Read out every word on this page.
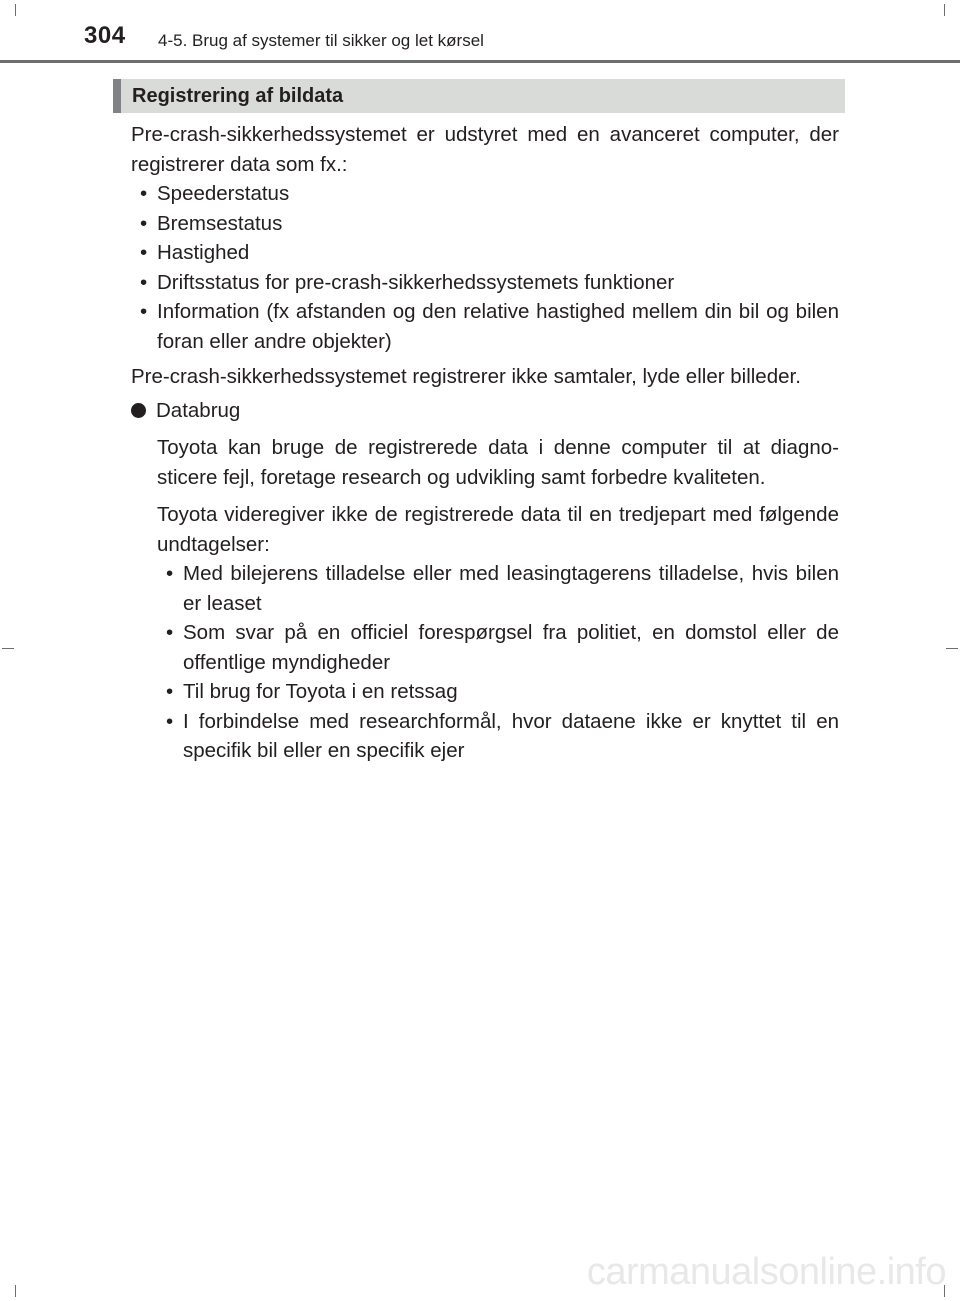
304 4-5. Brug af systemer til sikker og let kørsel
Registrering af bildata

Pre-crash-sikkerhedssystemet er udstyret med en avanceret computer, der registrerer data som fx.:

• Speederstatus
• Bremsestatus
• Hastighed
• Driftsstatus for pre-crash-sikkerhedssystemets funktioner
• Information (fx afstanden og den relative hastighed mellem din bil og bilen foran eller andre objekter)

Pre-crash-sikkerhedssystemet registrerer ikke samtaler, lyde eller billeder.

Databrug

Toyota kan bruge de registrerede data i denne computer til at diagno-sticere fejl, foretage research og udvikling samt forbedre kvaliteten.

Toyota videregiver ikke de registrerede data til en tredjepart med følgende undtagelser:

• Med bilejerens tilladelse eller med leasingtagerens tilladelse, hvis bilen er leaset
• Som svar på en officiel forespørgsel fra politiet, en domstol eller de offentlige myndigheder
• Til brug for Toyota i en retssag
• I forbindelse med researchformål, hvor dataene ikke er knyttet til en specifik bil eller en specifik ejer
carmanualsonline.info
